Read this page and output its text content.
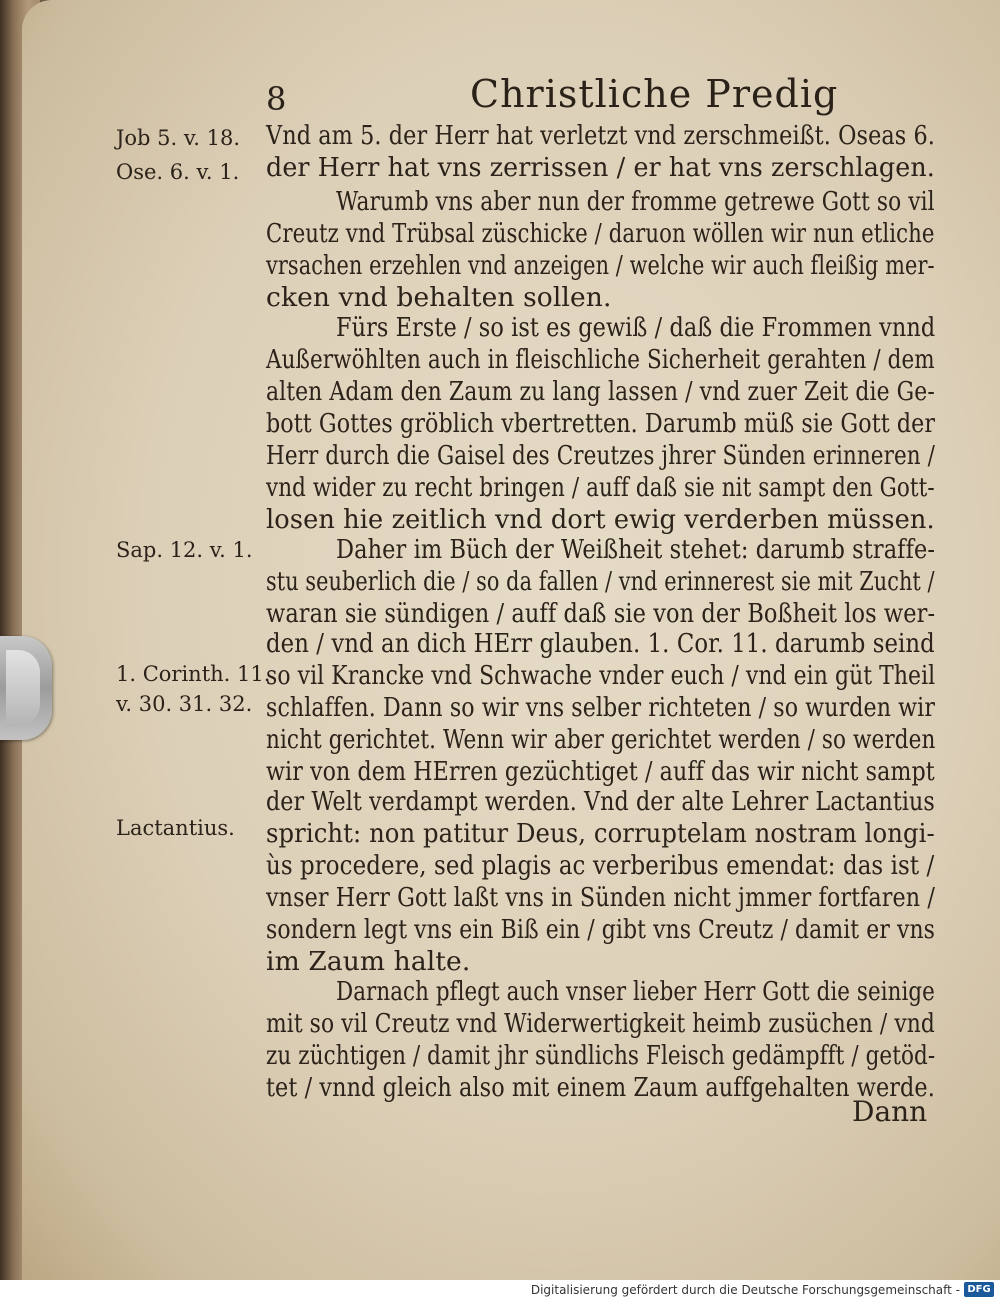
8	Christliche Predig
Job 5. v. 18.
Ose. 6. v. 1.
Sap. 12. v. 1.
1. Corinth. 11.
v. 30. 31. 32.
Lactantius.
Vnd am 5. der Herr hat verletzt vnd zerschmeißt. Oseas 6.
der Herr hat vns zerrissen / er hat vns zerschlagen.
Warumb vns aber nun der fromme getrewe Gott so vil
Creutz vnd Trübsal züschicke / daruon wöllen wir nun etliche
vrsachen erzehlen vnd anzeigen / welche wir auch fleißig mer-
cken vnd behalten sollen.
Fürs Erste / so ist es gewiß / daß die Frommen vnnd
Außerwöhlten auch in fleischliche Sicherheit gerahten / dem
alten Adam den Zaum zu lang lassen / vnd zuer Zeit die Ge-
bott Gottes gröblich vbertretten. Darumb müß sie Gott der
Herr durch die Gaisel des Creutzes jhrer Sünden erinneren /
vnd wider zu recht bringen / auff daß sie nit sampt den Gott-
losen hie zeitlich vnd dort ewig verderben müssen.
Daher im Büch der Weißheit stehet: darumb straffe-
stu seuberlich die / so da fallen / vnd erinnerest sie mit Zucht /
waran sie sündigen / auff daß sie von der Boßheit los wer-
den / vnd an dich HErr glauben. 1. Cor. 11. darumb seind
so vil Krancke vnd Schwache vnder euch / vnd ein güt Theil
schlaffen. Dann so wir vns selber richteten / so wurden wir
nicht gerichtet. Wenn wir aber gerichtet werden / so werden
wir von dem HErren gezüchtiget / auff das wir nicht sampt
der Welt verdampt werden. Vnd der alte Lehrer Lactantius
spricht: non patitur Deus, corruptelam nostram longi-
ùs procedere, sed plagis ac verberibus emendat: das ist /
vnser Herr Gott laßt vns in Sünden nicht jmmer fortfaren /
sondern legt vns ein Biß ein / gibt vns Creutz / damit er vns
im Zaum halte.
Darnach pflegt auch vnser lieber Herr Gott die seinige
mit so vil Creutz vnd Widerwertigkeit heimb zusüchen / vnd
zu züchtigen / damit jhr sündlichs Fleisch gedämpfft / getöd-
tet / vnnd gleich also mit einem Zaum auffgehalten werde.
Dann
Digitalisierung gefördert durch die Deutsche Forschungsgemeinschaft - DFG
